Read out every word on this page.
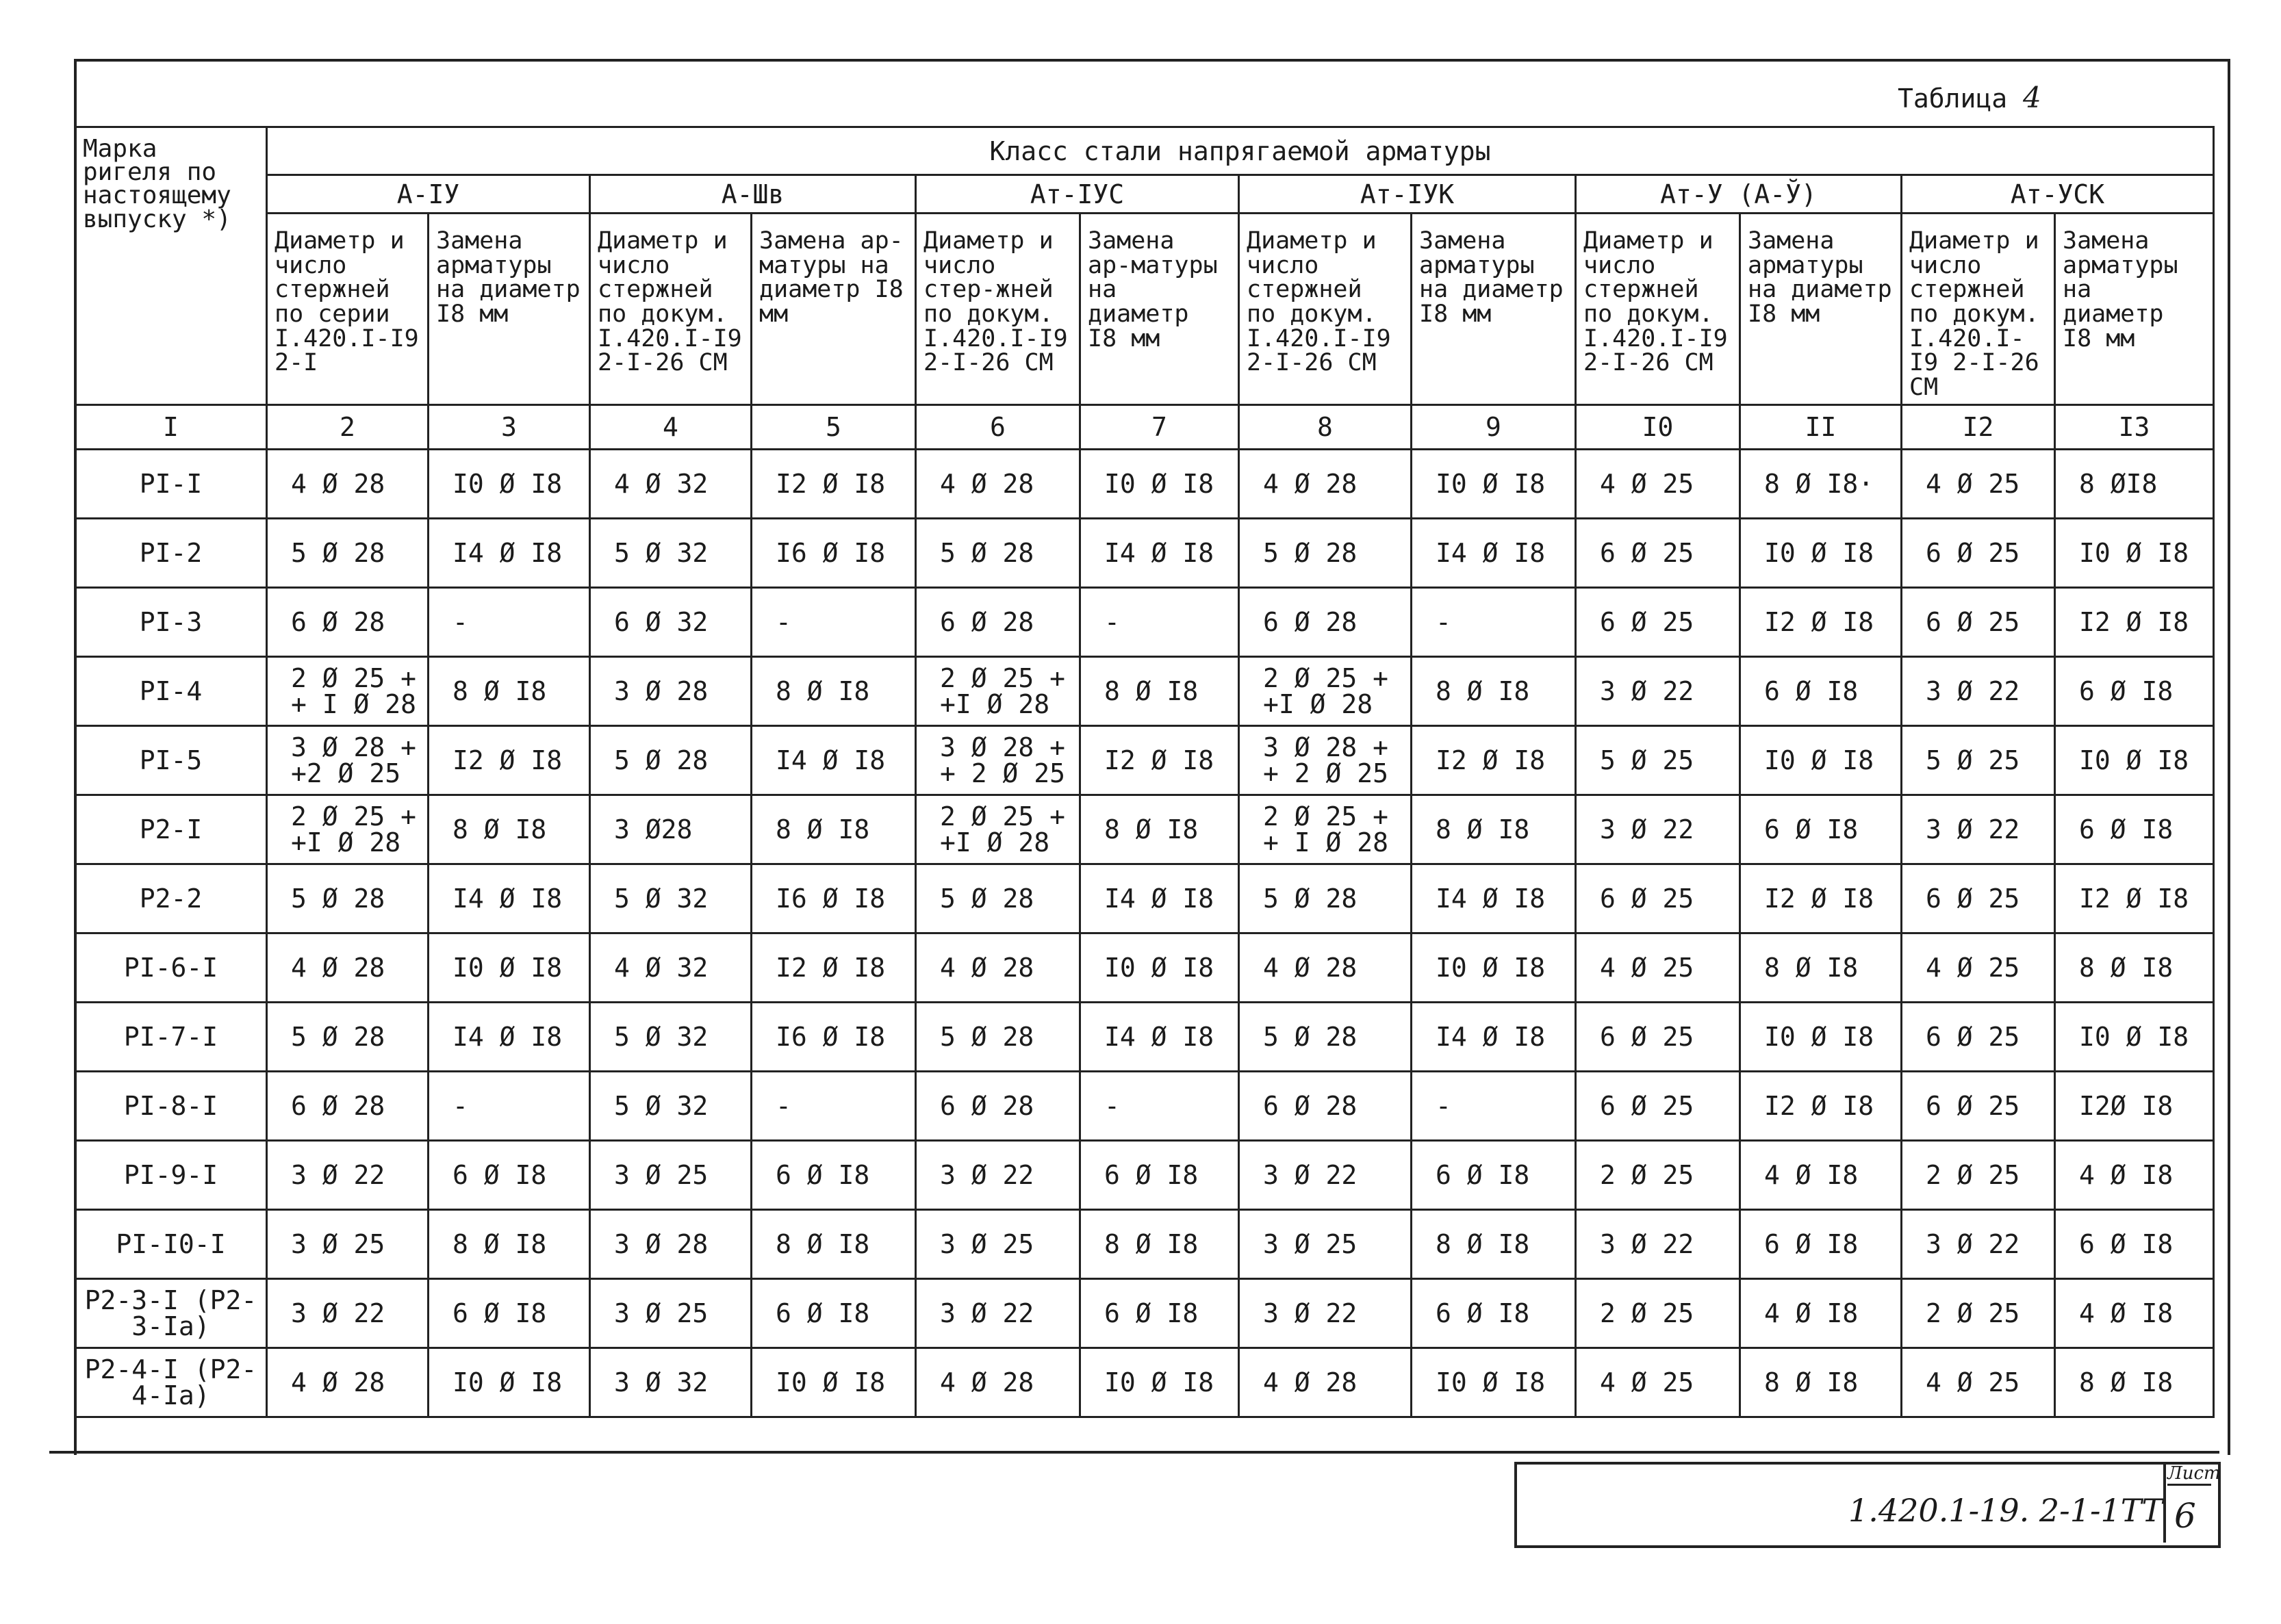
Таблица 4
Марка ригеля по настоящему выпуску *)	Класс стали напрягаемой арматуры											
	А-IУ		А-Шв		Ат-IУС		Ат-IУК		Ат-У (А-Ў)		Ат-УСК	
	Диаметр и число стержней по серии I.420.I-I9 2-I	Замена арматуры на диаметр I8 мм	Диаметр и число стержней по докум. I.420.I-I9 2-I-26 СМ	Замена ар-матуры на диаметр I8 мм	Диаметр и число стер-жней по докум. I.420.I-I9 2-I-26 СМ	Замена ар-матуры на диаметр I8 мм	Диаметр и число стержней по докум. I.420.I-I9 2-I-26 СМ	Замена арматуры на диаметр I8 мм	Диаметр и число стержней по докум. I.420.I-I9 2-I-26 СМ	Замена арматуры на диаметр I8 мм	Диаметр и число стержней по докум. I.420.I-I9 2-I-26 СМ	Замена арматуры на диаметр I8 мм
I	2	3	4	5	6	7	8	9	I0	II	I2	I3
PI-I	4 Ø 28	I0 Ø I8	4 Ø 32	I2 Ø I8	4 Ø 28	I0 Ø I8	4 Ø 28	I0 Ø I8	4 Ø 25	8 Ø I8·	4 Ø 25	8 ØI8
PI-2	5 Ø 28	I4 Ø I8	5 Ø 32	I6 Ø I8	5 Ø 28	I4 Ø I8	5 Ø 28	I4 Ø I8	6 Ø 25	I0 Ø I8	6 Ø 25	I0 Ø I8
PI-3	6 Ø 28	-	6 Ø 32	-	6 Ø 28	-	6 Ø 28	-	6 Ø 25	I2 Ø I8	6 Ø 25	I2 Ø I8
PI-4	2 Ø 25 + + I Ø 28	8 Ø I8	3 Ø 28	8 Ø I8	2 Ø 25 + +I Ø 28	8 Ø I8	2 Ø 25 + +I Ø 28	8 Ø I8	3 Ø 22	6 Ø I8	3 Ø 22	6 Ø I8
PI-5	3 Ø 28 + +2 Ø 25	I2 Ø I8	5 Ø 28	I4 Ø I8	3 Ø 28 + + 2 Ø 25	I2 Ø I8	3 Ø 28 + + 2 Ø 25	I2 Ø I8	5 Ø 25	I0 Ø I8	5 Ø 25	I0 Ø I8
P2-I	2 Ø 25 + +I Ø 28	8 Ø I8	3 Ø28	8 Ø I8	2 Ø 25 + +I Ø 28	8 Ø I8	2 Ø 25 + + I Ø 28	8 Ø I8	3 Ø 22	6 Ø I8	3 Ø 22	6 Ø I8
P2-2	5 Ø 28	I4 Ø I8	5 Ø 32	I6 Ø I8	5 Ø 28	I4 Ø I8	5 Ø 28	I4 Ø I8	6 Ø 25	I2 Ø I8	6 Ø 25	I2 Ø I8
PI-6-I	4 Ø 28	I0 Ø I8	4 Ø 32	I2 Ø I8	4 Ø 28	I0 Ø I8	4 Ø 28	I0 Ø I8	4 Ø 25	8 Ø I8	4 Ø 25	8 Ø I8
PI-7-I	5 Ø 28	I4 Ø I8	5 Ø 32	I6 Ø I8	5 Ø 28	I4 Ø I8	5 Ø 28	I4 Ø I8	6 Ø 25	I0 Ø I8	6 Ø 25	I0 Ø I8
PI-8-I	6 Ø 28	-	5 Ø 32	-	6 Ø 28	-	6 Ø 28	-	6 Ø 25	I2 Ø I8	6 Ø 25	I2Ø I8
PI-9-I	3 Ø 22	6 Ø I8	3 Ø 25	6 Ø I8	3 Ø 22	6 Ø I8	3 Ø 22	6 Ø I8	2 Ø 25	4 Ø I8	2 Ø 25	4 Ø I8
PI-I0-I	3 Ø 25	8 Ø I8	3 Ø 28	8 Ø I8	3 Ø 25	8 Ø I8	3 Ø 25	8 Ø I8	3 Ø 22	6 Ø I8	3 Ø 22	6 Ø I8
P2-3-I (P2-3-Ia)	3 Ø 22	6 Ø I8	3 Ø 25	6 Ø I8	3 Ø 22	6 Ø I8	3 Ø 22	6 Ø I8	2 Ø 25	4 Ø I8	2 Ø 25	4 Ø I8
P2-4-I (P2-4-Ia)	4 Ø 28	I0 Ø I8	3 Ø 32	I0 Ø I8	4 Ø 28	I0 Ø I8	4 Ø 28	I0 Ø I8	4 Ø 25	8 Ø I8	4 Ø 25	8 Ø I8
1.420.1-19. 2-1-1ТТ
Лист
6
